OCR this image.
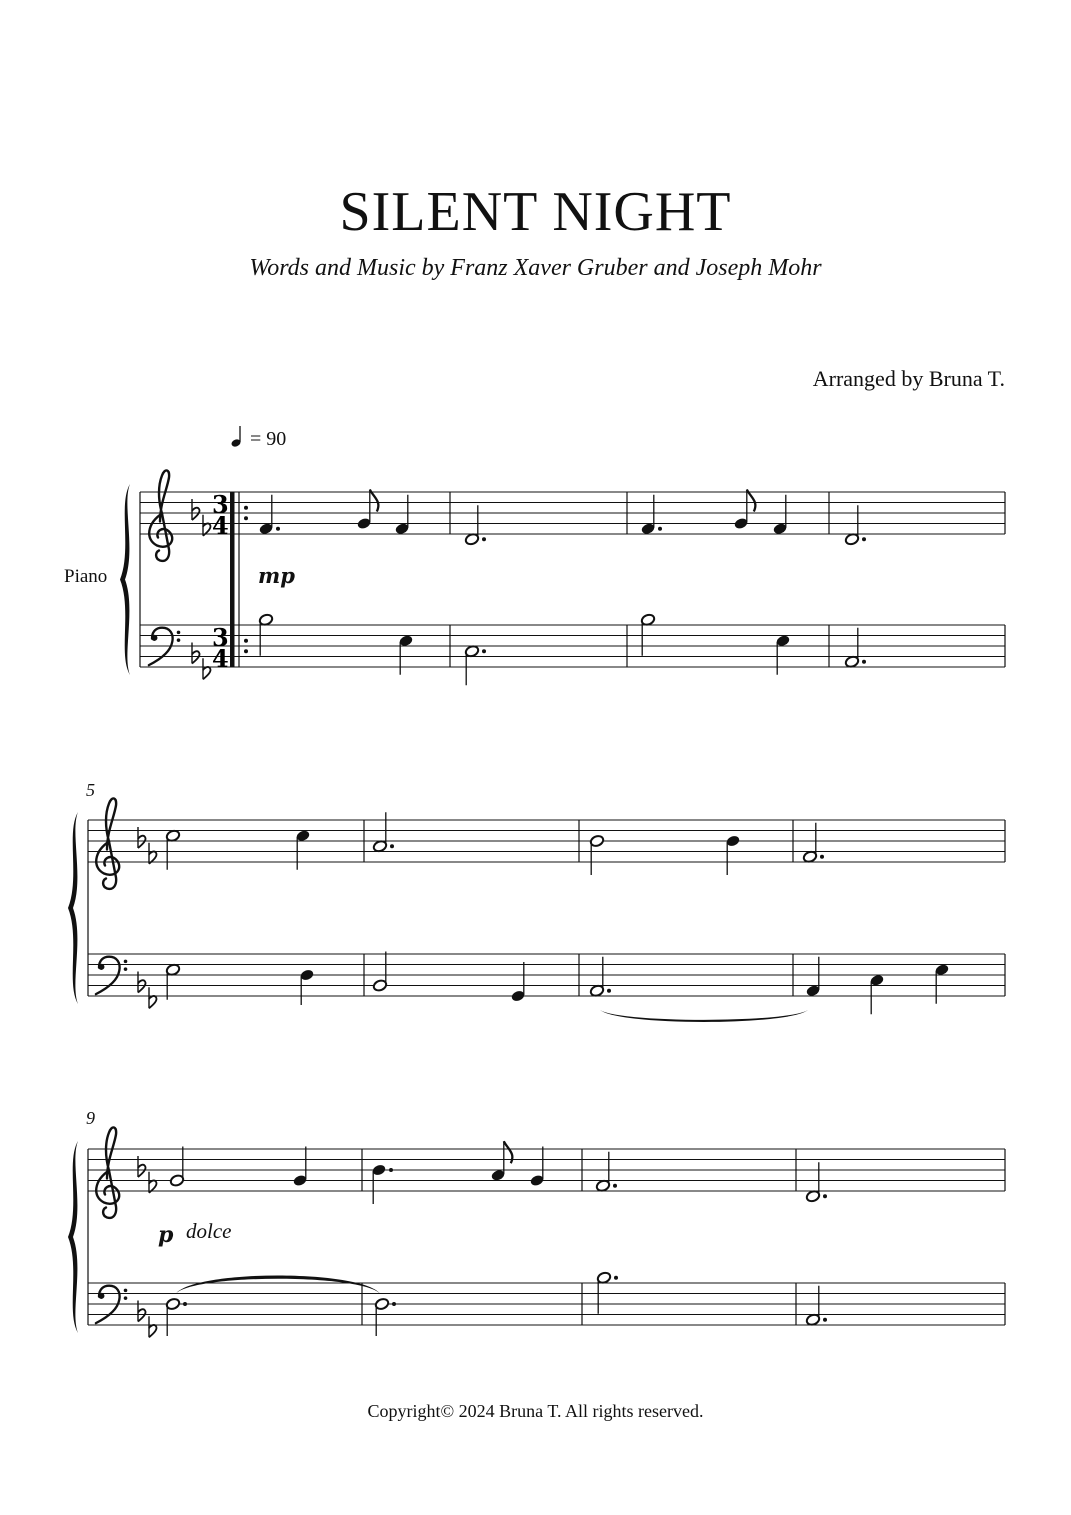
SILENT NIGHT
Words and Music by Franz Xaver Gruber and Joseph Mohr
Arranged by Bruna T.
= 90
Piano
Copyright© 2024 Bruna T. All rights reserved.
3
4
3
4
mp
5
9
p dolce
